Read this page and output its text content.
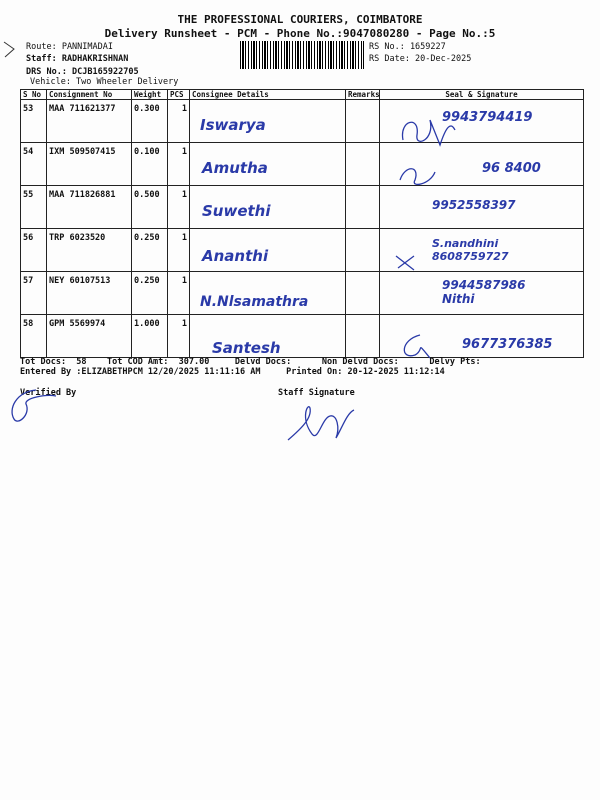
THE PROFESSIONAL COURIERS, COIMBATORE
Delivery Runsheet - PCM - Phone No.:9047080280 - Page No.:5
Route: PANNIMADAI
Staff: RADHAKRISHNAN
DRS No.: DCJB165922705
Vehicle: Two Wheeler Delivery
RS No.: 1659227
RS Date: 20-Dec-2025
S No	Consignment No	Weight	PCS	Consignee Details	Remarks	Seal & Signature
53	MAA 711621377	0.300	1	Iswarya		9943794419

54	IXM 509507415	0.100	1	Amutha		96 8400

55	MAA 711826881	0.500	1	Suwethi		9952558397

56	TRP 6023520	0.250	1	Ananthi		S.nandhini 8608759727

57	NEY 60107513	0.250	1	N.Nlsamathra		9944587986 Nithi

58	GPM 5569974	1.000	1	Santesh		9677376385
Tot Docs:  58    Tot COD Amt:  307.00     Delvd Docs:      Non Delvd Docs:      Delvy Pts:
Entered By :ELIZABETHPCM 12/20/2025 11:11:16 AM     Printed On: 20-12-2025 11:12:14
Verified By	Staff Signature
